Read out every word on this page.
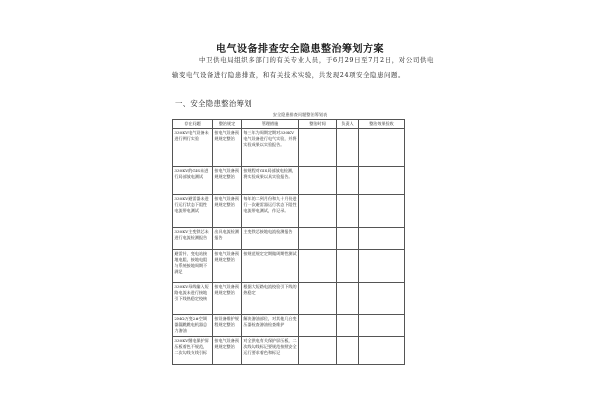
电气设备排查安全隐患整治筹划方案
中卫供电局组织多部门的有关专业人员，于6月29日至7月2日，对公司供电输变电气设备进行隐患排查，和有关技术实验，共发现24项安全隐患问题。
一、安全隐患整治筹划
安全隐患排查问题整治筹划表
存在问题	整治规定	管理措施	整治时间	负责人	整治效果验收
330KV电气设备未进行例行实验	按电气设备预规规定整治	每三年为周期定期对330KV电气设备进行电气实验，并将实验成果以实验报告。			
330KV的GIS未进行局部放电测试	按电气设备预规规定整治	按规程对GIS局部放电检测，将实验成果以具实验报告。			
330KV避雷器未进行运行状态下阻性电流带电测试	按电气设备预规规定整治	每年的二到月份和九十月份进行一次避雷器运行状态下阻性电流带电测试，作记录。			
330KV主变铁芯未进行电流检测报告	出具电流检测报告	主变铁芯接地电流检测报告			
避雷针、变电站接地电阻，接地电阻与系统接地周期不满足	按电气设备预规规定整治	按规范规定定期做周期性测试			
330KV母线输入短路电流未进行接地引下线热稳定校核	按电气设备预规规定整治	根据大短路电流校验引下线的热稳定			
2MΩ万变2#空调器漏跳跳电机器总力渗油	按设备维护规程规定整治	解决渗油部位，对其他几台变压器检查渗油检查维护			
330KV继电保护屏压板着色不规范，二次勾线支线引标	按电气设备预规规定整治	对全供电有关保护屏压板，二次线勾线标记要规范按照安全运行要求着色和标记			
